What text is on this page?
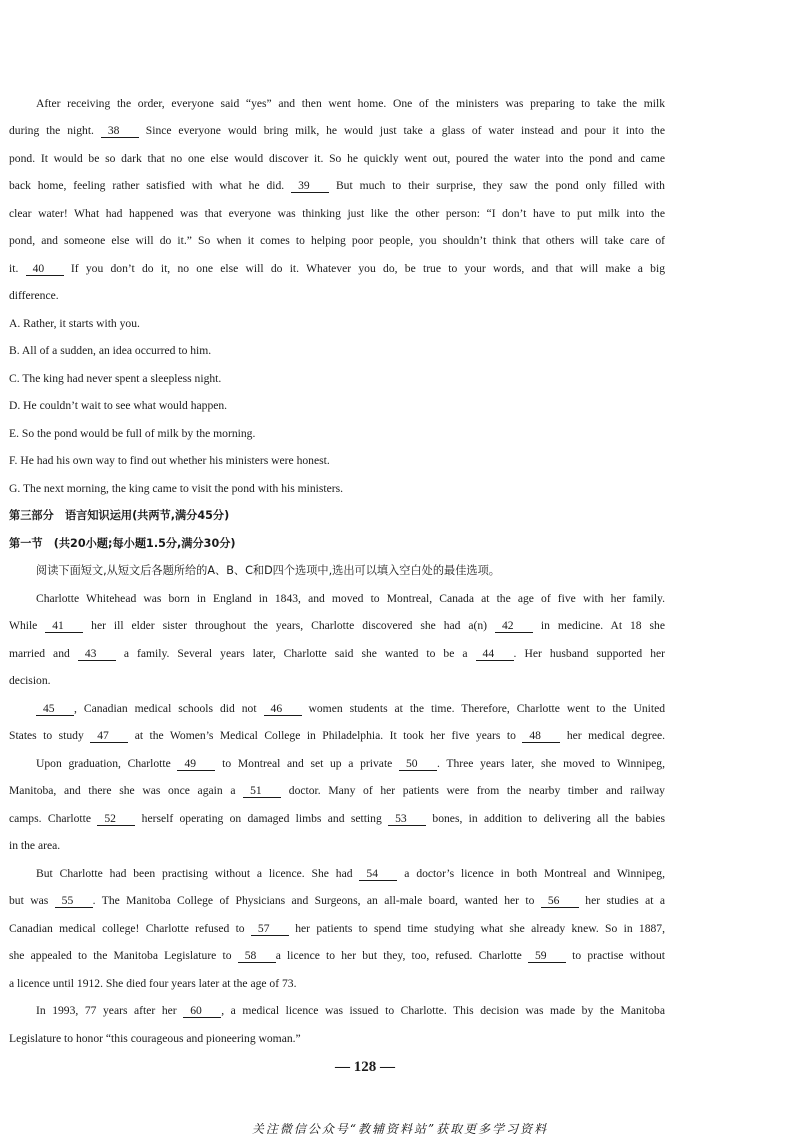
After receiving the order, everyone said “yes” and then went home. One of the ministers was preparing to take the milk
during the night. 38 Since everyone would bring milk, he would just take a glass of water instead and pour it into the
pond. It would be so dark that no one else would discover it. So he quickly went out, poured the water into the pond and came
back home, feeling rather satisfied with what he did. 39 But much to their surprise, they saw the pond only filled with
clear water! What had happened was that everyone was thinking just like the other person: “I don’t have to put milk into the
pond, and someone else will do it.” So when it comes to helping poor people, you shouldn’t think that others will take care of
it. 40 If you don’t do it, no one else will do it. Whatever you do, be true to your words, and that will make a big
difference.
A. Rather, it starts with you.
B. All of a sudden, an idea occurred to him.
C. The king had never spent a sleepless night.
D. He couldn’t wait to see what would happen.
E. So the pond would be full of milk by the morning.
F. He had his own way to find out whether his ministers were honest.
G. The next morning, the king came to visit the pond with his ministers.
第三部分　语言知识运用(共两节,满分45分)
第一节　(共20小题;每小题1.5分,满分30分)
阅读下面短文,从短文后各题所给的A、B、C和D四个选项中,选出可以填入空白处的最佳选项。
Charlotte Whitehead was born in England in 1843, and moved to Montreal, Canada at the age of five with her family.
While 41 her ill elder sister throughout the years, Charlotte discovered she had a(n) 42 in medicine. At 18 she
married and 43 a family. Several years later, Charlotte said she wanted to be a 44 . Her husband supported her
decision.
45 , Canadian medical schools did not 46 women students at the time. Therefore, Charlotte went to the United
States to study 47 at the Women’s Medical College in Philadelphia. It took her five years to 48 her medical degree.
Upon graduation, Charlotte 49 to Montreal and set up a private 50 . Three years later, she moved to Winnipeg,
Manitoba, and there she was once again a 51 doctor. Many of her patients were from the nearby timber and railway
camps. Charlotte 52 herself operating on damaged limbs and setting 53 bones, in addition to delivering all the babies
in the area.
But Charlotte had been practising without a licence. She had 54 a doctor’s licence in both Montreal and Winnipeg,
but was 55 . The Manitoba College of Physicians and Surgeons, an all-male board, wanted her to 56 her studies at a
Canadian medical college! Charlotte refused to 57 her patients to spend time studying what she already knew. So in 1887,
she appealed to the Manitoba Legislature to 58 a licence to her but they, too, refused. Charlotte 59 to practise without
a licence until 1912. She died four years later at the age of 73.
In 1993, 77 years after her 60 , a medical licence was issued to Charlotte. This decision was made by the Manitoba
Legislature to honor “this courageous and pioneering woman.”
— 128 —
关注微信公众号“教辅资料站”获取更多学习资料
